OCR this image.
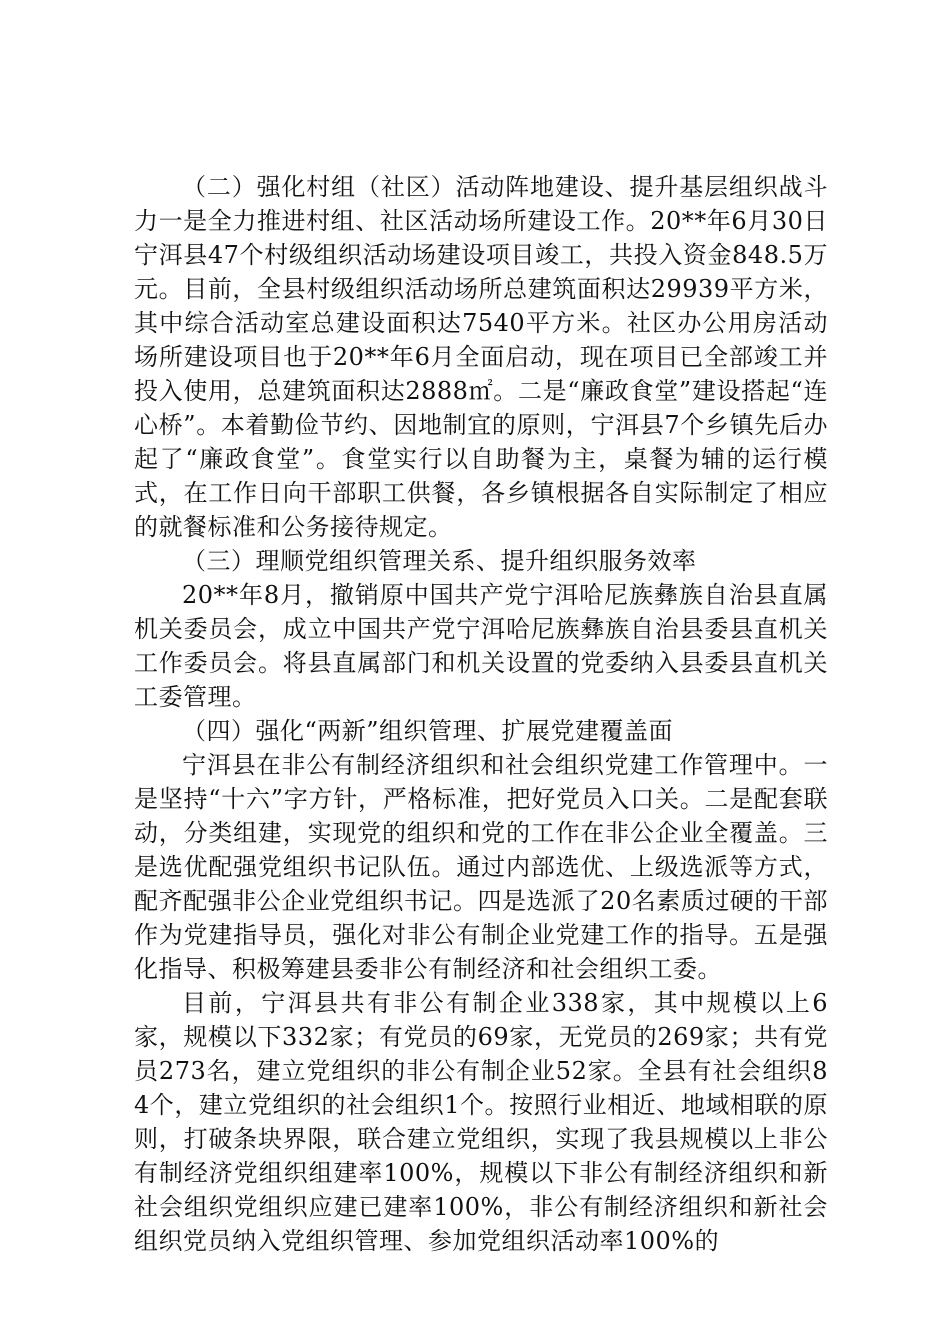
（二）强化村组（社区）活动阵地建设、提升基层组织战斗力一是全力推进村组、社区活动场所建设工作。20**年6月30日宁洱县47个村级组织活动场建设项目竣工，共投入资金848.5万元。目前，全县村级组织活动场所总建筑面积达29939平方米，其中综合活动室总建设面积达7540平方米。社区办公用房活动场所建设项目也于20**年6月全面启动，现在项目已全部竣工并投入使用，总建筑面积达2888㎡。二是“廉政食堂”建设搭起“连心桥”。本着勤俭节约、因地制宜的原则，宁洱县7个乡镇先后办起了“廉政食堂”。食堂实行以自助餐为主，桌餐为辅的运行模式，在工作日向干部职工供餐，各乡镇根据各自实际制定了相应的就餐标准和公务接待规定。

（三）理顺党组织管理关系、提升组织服务效率

20**年8月，撤销原中国共产党宁洱哈尼族彝族自治县直属机关委员会，成立中国共产党宁洱哈尼族彝族自治县委县直机关工作委员会。将县直属部门和机关设置的党委纳入县委县直机关工委管理。

（四）强化“两新”组织管理、扩展党建覆盖面

宁洱县在非公有制经济组织和社会组织党建工作管理中。一是坚持“十六”字方针，严格标准，把好党员入口关。二是配套联动，分类组建，实现党的组织和党的工作在非公企业全覆盖。三是选优配强党组织书记队伍。通过内部选优、上级选派等方式，配齐配强非公企业党组织书记。四是选派了20名素质过硬的干部作为党建指导员，强化对非公有制企业党建工作的指导。五是强化指导、积极筹建县委非公有制经济和社会组织工委。

目前，宁洱县共有非公有制企业338家，其中规模以上6家，规模以下332家；有党员的69家，无党员的269家；共有党员273名，建立党组织的非公有制企业52家。全县有社会组织84个，建立党组织的社会组织1个。按照行业相近、地域相联的原则，打破条块界限，联合建立党组织，实现了我县规模以上非公有制经济党组织组建率100%，规模以下非公有制经济组织和新社会组织党组织应建已建率100%，非公有制经济组织和新社会组织党员纳入党组织管理、参加党组织活动率100%的
